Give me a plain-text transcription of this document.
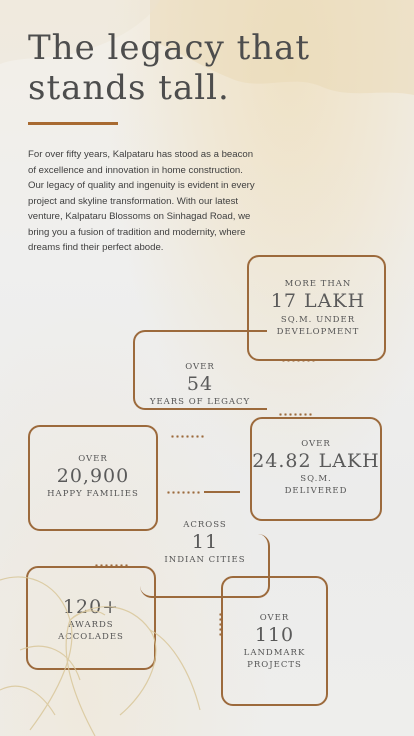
The legacy that stands tall.

For over fifty years, Kalpataru has stood as a beacon of excellence and innovation in home construction. Our legacy of quality and ingenuity is evident in every project and skyline transformation. With our latest venture, Kalpataru Blossoms on Sinhagad Road, we bring you a fusion of tradition and modernity, where dreams find their perfect abode.

MORE THAN
17 LAKH
SQ.M. UNDER
DEVELOPMENT
OVER
54
YEARS OF LEGACY
OVER
20,900
HAPPY FAMILIES
OVER
24.82 LAKH
SQ.M.
DELIVERED
ACROSS
11
INDIAN CITIES
120+
AWARDS
ACCOLADES
OVER
110
LANDMARK
PROJECTS
